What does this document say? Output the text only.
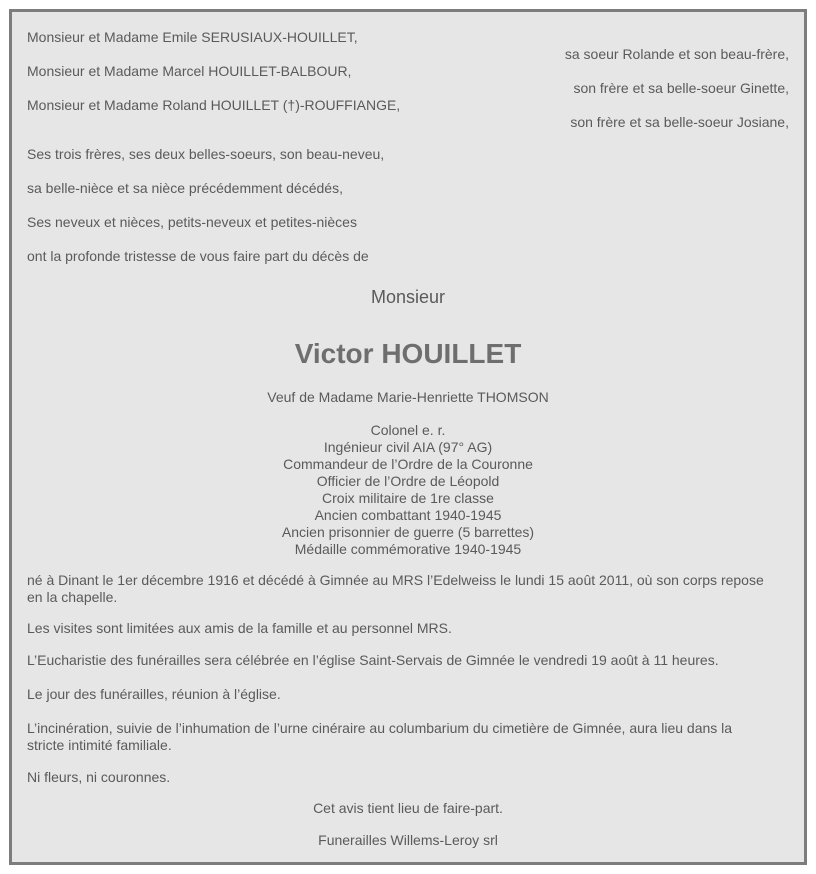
Monsieur et Madame Emile SERUSIAUX-HOUILLET,
sa soeur Rolande et son beau-frère,
Monsieur et Madame Marcel HOUILLET-BALBOUR,
son frère et sa belle-soeur Ginette,
Monsieur et Madame Roland HOUILLET (†)-ROUFFIANGE,
son frère et sa belle-soeur Josiane,
Ses trois frères, ses deux belles-soeurs, son beau-neveu,
sa belle-nièce et sa nièce précédemment décédés,
Ses neveux et nièces, petits-neveux et petites-nièces
ont la profonde tristesse de vous faire part du décès de
Monsieur
Victor HOUILLET
Veuf de Madame Marie-Henriette THOMSON
Colonel e. r.
Ingénieur civil AIA (97° AG)
Commandeur de l’Ordre de la Couronne
Officier de l’Ordre de Léopold
Croix militaire de 1re classe
Ancien combattant 1940-1945
Ancien prisonnier de guerre (5 barrettes)
Médaille commémorative 1940-1945
né à Dinant le 1er décembre 1916 et décédé à Gimnée au MRS l’Edelweiss le lundi 15 août 2011, où son corps repose en la chapelle.
Les visites sont limitées aux amis de la famille et au personnel MRS.
L’Eucharistie des funérailles sera célébrée en l’église Saint-Servais de Gimnée le vendredi 19 août à 11 heures.
Le jour des funérailles, réunion à l’église.
L’incinération, suivie de l’inhumation de l’urne cinéraire au columbarium du cimetière de Gimnée, aura lieu dans la stricte intimité familiale.
Ni fleurs, ni couronnes.
Cet avis tient lieu de faire-part.
Funerailles Willems-Leroy srl
